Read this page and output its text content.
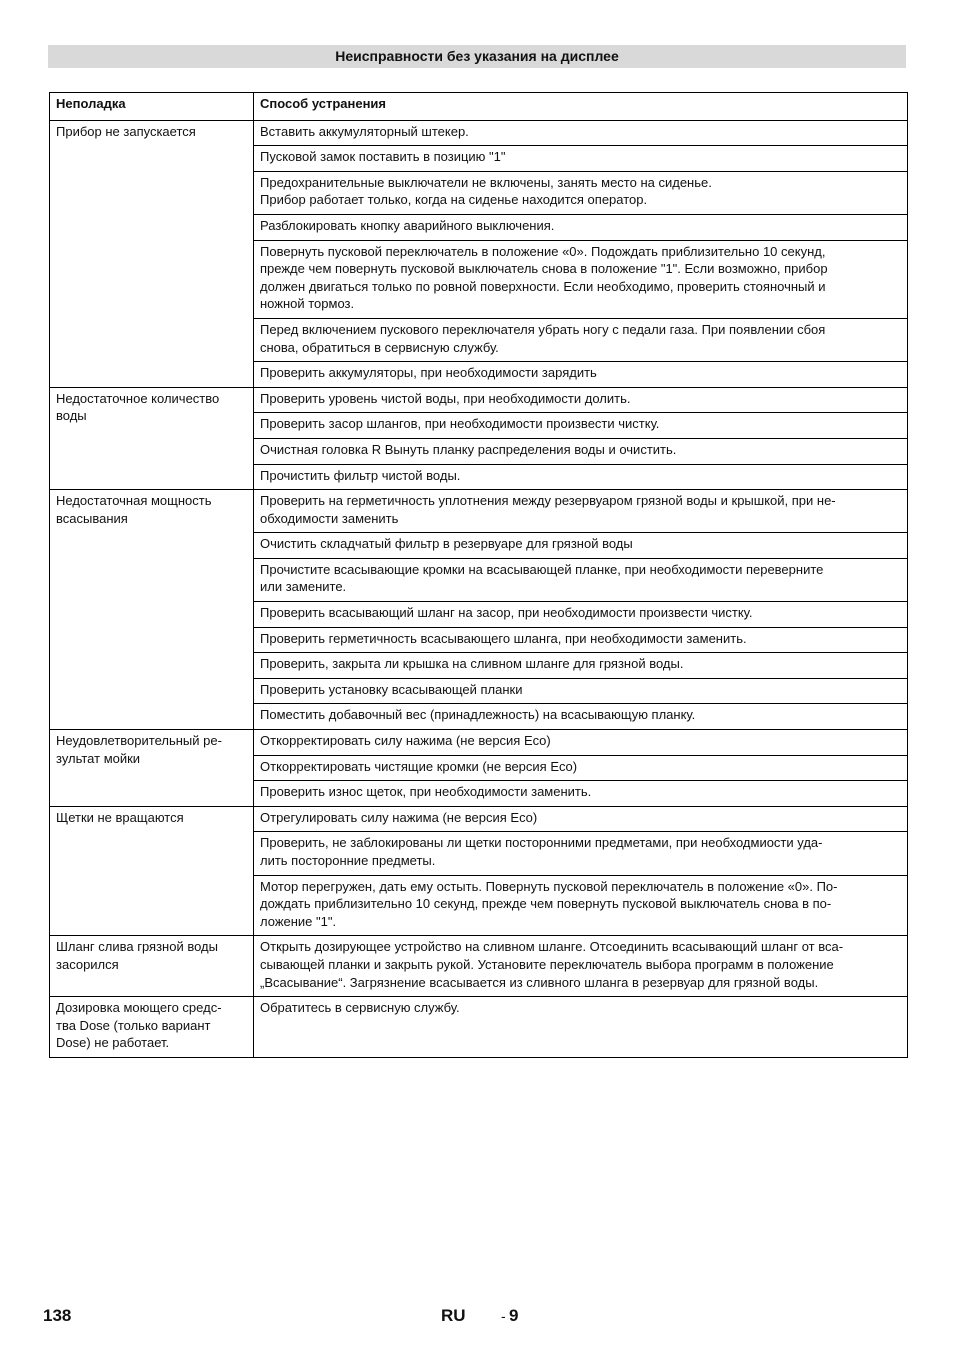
Неисправности без указания на дисплее
Неполадка	Способ устранения

Прибор не запускается	Вставить аккумуляторный штекер.

	Пусковой замок поставить в позицию "1"

	Предохранительные выключатели не включены, занять место на сиденье.
Прибор работает только, когда на сиденье находится оператор.

	Разблокировать кнопку аварийного выключения.

	Повернуть пусковой переключатель в положение «0». Подождать приблизительно 10 секунд,
прежде чем повернуть пусковой выключатель снова в положение "1". Если возможно, прибор
должен двигаться только по ровной поверхности. Если необходимо, проверить стояночный и
ножной тормоз.

	Перед включением пускового переключателя убрать ногу с педали газа. При появлении сбоя
снова, обратиться в сервисную службу.

	Проверить аккумуляторы, при необходимости зарядить

Недостаточное количество
воды	Проверить уровень чистой воды, при необходимости долить.

	Проверить засор шлангов, при необходимости произвести чистку.

	Очистная головка R Вынуть планку распределения воды и очистить.

	Прочистить фильтр чистой воды.

Недостаточная мощность
всасывания	Проверить на герметичность уплотнения между резервуаром грязной воды и крышкой, при не-
обходимости заменить

	Очистить складчатый фильтр в резервуаре для грязной воды

	Прочистите всасывающие кромки на всасывающей планке, при необходимости переверните
или замените.

	Проверить всасывающий шланг на засор, при необходимости произвести чистку.

	Проверить герметичность всасывающего шланга, при необходимости заменить.

	Проверить, закрыта ли крышка на сливном шланге для грязной воды.

	Проверить установку всасывающей планки

	Поместить добавочный вес (принадлежность) на всасывающую планку.

Неудовлетворительный ре-
зультат мойки	Откорректировать силу нажима (не версия Eco)

	Откорректировать чистящие кромки (не версия Eco)

	Проверить износ щеток, при необходимости заменить.

Щетки не вращаются	Отрегулировать силу нажима (не версия Eco)

	Проверить, не заблокированы ли щетки посторонними предметами, при необходмиости уда-
лить посторонние предметы.

	Мотор перегружен, дать ему остыть. Повернуть пусковой переключатель в положение «0». По-
дождать приблизительно 10 секунд, прежде чем повернуть пусковой выключатель снова в по-
ложение "1".

Шланг слива грязной воды
засорился	Открыть дозирующее устройство на сливном шланге. Отсоединить всасывающий шланг от вса-
сывающей планки и закрыть рукой. Установите переключатель выбора программ в положение
„Всасывание“. Загрязнение всасывается из сливного шланга в резервуар для грязной воды.

Дозировка моющего средс-
тва Dose (только вариант
Dose) не работает.	Обратитесь в сервисную службу.
138	RU	- 9
